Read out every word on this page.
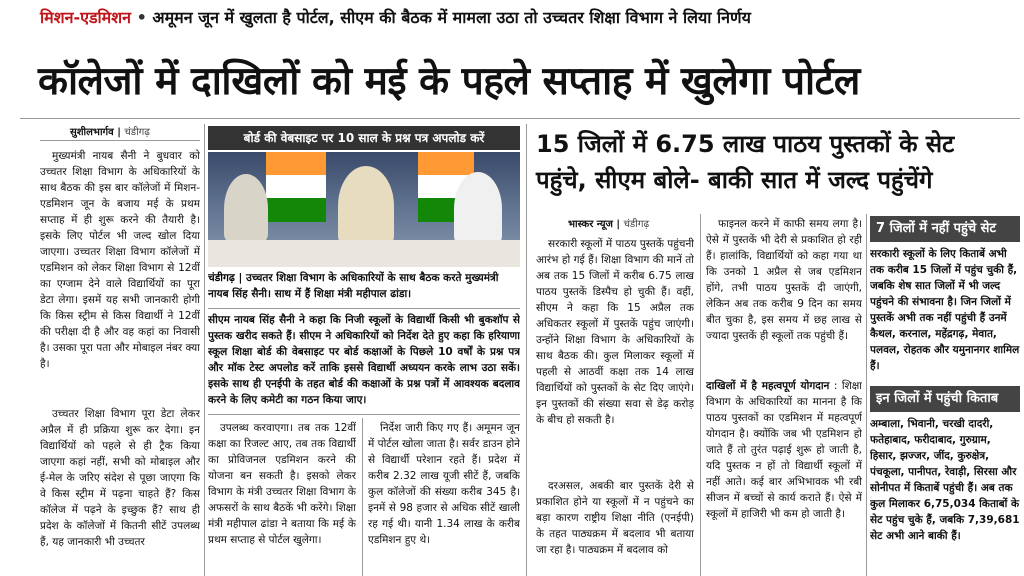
मिशन-एडमिशन • अमूमन जून में खुलता है पोर्टल, सीएम की बैठक में मामला उठा तो उच्चतर शिक्षा विभाग ने लिया निर्णय
कॉलेजों में दाखिलों को मई के पहले सप्ताह में खुलेगा पोर्टल
सुशीलभार्गव | चंडीगढ़

मुख्यमंत्री नायब सैनी ने बुधवार को उच्चतर शिक्षा विभाग के अधिकारियों के साथ बैठक की इस बार कॉलेजों में मिशन-एडमिशन जून के बजाय मई के प्रथम सप्ताह में ही शुरू करने की तैयारी है। इसके लिए पोर्टल भी जल्द खोल दिया जाएगा। उच्चतर शिक्षा विभाग कॉलेजों में एडमिशन को लेकर शिक्षा विभाग से 12वीं का एग्जाम देने वाले विद्यार्थियों का पूरा डेटा लेगा। इसमें यह सभी जानकारी होगी कि किस स्ट्रीम से किस विद्यार्थी ने 12वीं की परीक्षा दी है और वह कहां का निवासी है। उसका पूरा पता और मोबाइल नंबर क्या है।

उच्चतर शिक्षा विभाग पूरा डेटा लेकर अप्रैल में ही प्रक्रिया शुरू कर देगा। इन विद्यार्थियों को पहले से ही ट्रैक किया जाएगा कहां नहीं, सभी को मोबाइल और ई-मेल के जरिए संदेश से पूछा जाएगा कि वे किस स्ट्रीम में पढ़ना चाहते हैं? किस कॉलेज में पढ़ने के इच्छुक हैं? साथ ही प्रदेश के कॉलेजों में कितनी सीटें उपलब्ध हैं, यह जानकारी भी उच्चतर

बोर्ड की वेबसाइट पर 10 साल के प्रश्न पत्र अपलोड करें
चंडीगढ़ | उच्चतर शिक्षा विभाग के अधिकारियों के साथ बैठक करते मुख्यमंत्री नायब सिंह सैनी। साथ में हैं शिक्षा मंत्री महीपाल ढांडा।
सीएम नायब सिंह सैनी ने कहा कि निजी स्कूलों के विद्यार्थी किसी भी बुकशॉप से पुस्तक खरीद सकते हैं। सीएम ने अधिकारियों को निर्देश देते हुए कहा कि हरियाणा स्कूल शिक्षा बोर्ड की वेबसाइट पर बोर्ड कक्षाओं के पिछले 10 वर्षों के प्रश्न पत्र और मॉक टेस्ट अपलोड करें ताकि इससे विद्यार्थी अध्ययन करके लाभ उठा सकें। इसके साथ ही एनईपी के तहत बोर्ड की कक्षाओं के प्रश्न पत्रों में आवश्यक बदलाव करने के लिए कमेटी का गठन किया जाए।

उपलब्ध करवाएगा। तब तक 12वीं कक्षा का रिजल्ट आए, तब तक विद्यार्थी का प्रोविजनल एडमिशन करने की योजना बन सकती है। इसको लेकर विभाग के मंत्री उच्चतर शिक्षा विभाग के अफसरों के साथ बैठकें भी करेंगे। शिक्षा मंत्री महीपाल ढांडा ने बताया कि मई के प्रथम सप्ताह से पोर्टल खुलेगा।

निर्देश जारी किए गए हैं। अमूमन जून में पोर्टल खोला जाता है। सर्वर डाउन होने से विद्यार्थी परेशान रहते हैं। प्रदेश में करीब 2.32 लाख यूजी सीटें हैं, जबकि कुल कॉलेजों की संख्या करीब 345 है। इनमें से 98 हजार से अधिक सीटें खाली रह गई थी। यानी 1.34 लाख के करीब एडमिशन हुए थे।

15 जिलों में 6.75 लाख पाठय पुस्तकों के सेट
पहुंचे, सीएम बोले- बाकी सात में जल्द पहुंचेंगे
भास्कर न्यूज | चंडीगढ़

सरकारी स्कूलों में पाठय पुस्तकें पहुंचनी आरंभ हो गई हैं। शिक्षा विभाग की मानें तो अब तक 15 जिलों में करीब 6.75 लाख पाठय पुस्तकें डिस्पैच हो चुकी हैं। वहीं, सीएम ने कहा कि 15 अप्रैल तक अधिकतर स्कूलों में पुस्तकें पहुंच जाएंगी। उन्होंने शिक्षा विभाग के अधिकारियों के साथ बैठक की। कुल मिलाकर स्कूलों में पहली से आठवीं कक्षा तक 14 लाख विद्यार्थियों को पुस्तकों के सेट दिए जाएंगे। इन पुस्तकों की संख्या सवा से डेढ़ करोड़ के बीच हो सकती है।

दरअसल, अबकी बार पुस्तकें देरी से प्रकाशित होने या स्कूलों में न पहुंचने का बड़ा कारण राष्ट्रीय शिक्षा नीति (एनईपी) के तहत पाठ्यक्रम में बदलाव भी बताया जा रहा है। पाठ्यक्रम में बदलाव को

फाइनल करने में काफी समय लगा है। ऐसे में पुस्तकें भी देरी से प्रकाशित हो रही हैं। हालांकि, विद्यार्थियों को कहा गया था कि उनको 1 अप्रैल से जब एडमिशन होंगे, तभी पाठय पुस्तकें दी जाएंगी, लेकिन अब तक करीब 9 दिन का समय बीत चुका है, इस समय में छह लाख से ज्यादा पुस्तकें ही स्कूलों तक पहुंची हैं।

दाखिलों में है महत्वपूर्ण योगदान : शिक्षा विभाग के अधिकारियों का मानना है कि पाठय पुस्तकों का एडमिशन में महत्वपूर्ण योगदान है। क्योंकि जब भी एडमिशन हो जाते हैं तो तुरंत पढ़ाई शुरू हो जाती है, यदि पुस्तक न हों तो विद्यार्थी स्कूलों में नहीं आते। कई बार अभिभावक भी रबी सीजन में बच्चों से कार्य कराते हैं। ऐसे में स्कूलों में हाजिरी भी कम हो जाती है।
7 जिलों में नहीं पहुंचे सेट
सरकारी स्कूलों के लिए किताबें अभी तक करीब 15 जिलों में पहुंच चुकी हैं, जबकि शेष सात जिलों में भी जल्द पहुंचने की संभावना है। जिन जिलों में पुस्तकें अभी तक नहीं पहुंची हैं उनमें कैथल, करनाल, महेंद्रगढ़, मेवात, पलवल, रोहतक और यमुनानगर शामिल हैं।
इन जिलों में पहुंची किताब
अम्बाला, भिवानी, चरखी दादरी, फतेहाबाद, फरीदाबाद, गुरुग्राम, हिसार, झज्जर, जींद, कुरुक्षेत्र, पंचकूला, पानीपत, रेवाड़ी, सिरसा और सोनीपत में किताबें पहुंची हैं। अब तक कुल मिलाकर 6,75,034 किताबों के सेट पहुंच चुके हैं, जबकि 7,39,681 सेट अभी आने बाकी हैं।
